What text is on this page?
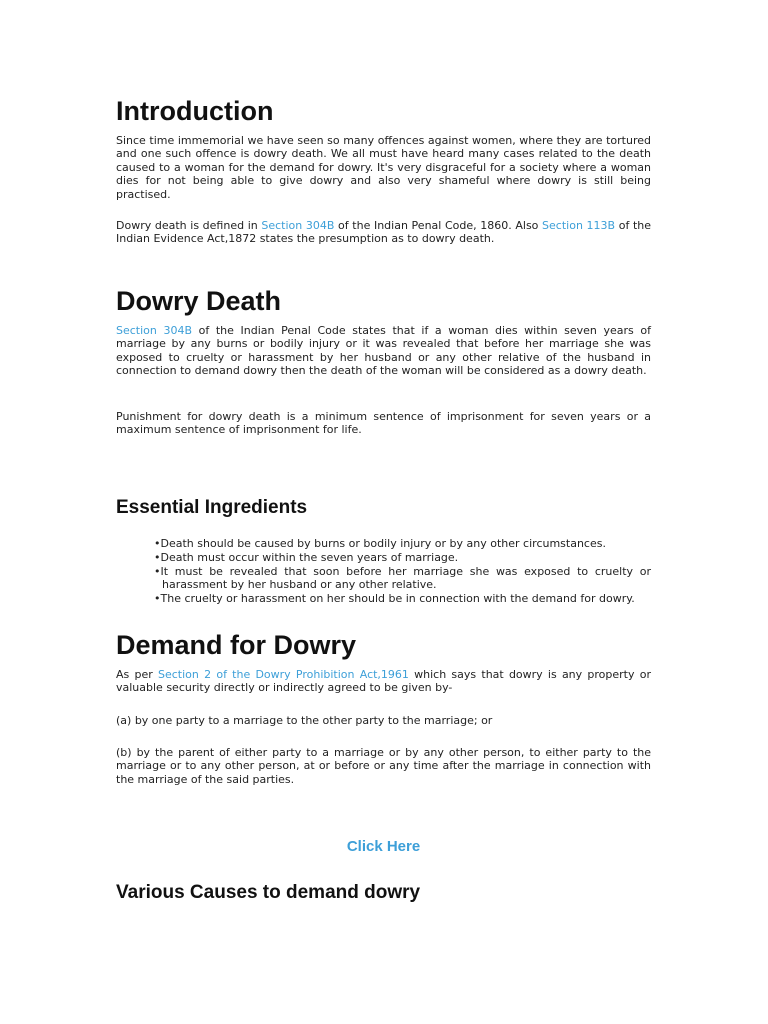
Introduction

Since time immemorial we have seen so many offences against women, where they are tortured and one such offence is dowry death. We all must have heard many cases related to the death caused to a woman for the demand for dowry. It's very disgraceful for a society where a woman dies for not being able to give dowry and also very shameful where dowry is still being practised.

Dowry death is defined in Section 304B of the Indian Penal Code, 1860. Also Section 113B of the Indian Evidence Act,1872 states the presumption as to dowry death.

Dowry Death

Section 304B of the Indian Penal Code states that if a woman dies within seven years of marriage by any burns or bodily injury or it was revealed that before her marriage she was exposed to cruelty or harassment by her husband or any other relative of the husband in connection to demand dowry then the death of the woman will be considered as a dowry death.

Punishment for dowry death is a minimum sentence of imprisonment for seven years or a maximum sentence of imprisonment for life.

Essential Ingredients
•Death should be caused by burns or bodily injury or by any other circumstances.
•Death must occur within the seven years of marriage.
•It must be revealed that soon before her marriage she was exposed to cruelty or harassment by her husband or any other relative.
•The cruelty or harassment on her should be in connection with the demand for dowry.
Demand for Dowry

As per Section 2 of the Dowry Prohibition Act,1961 which says that dowry is any property or valuable security directly or indirectly agreed to be given by-

(a) by one party to a marriage to the other party to the marriage; or

(b) by the parent of either party to a marriage or by any other person, to either party to the marriage or to any other person, at or before or any time after the marriage in connection with the marriage of the said parties.

Click Here
Various Causes to demand dowry
